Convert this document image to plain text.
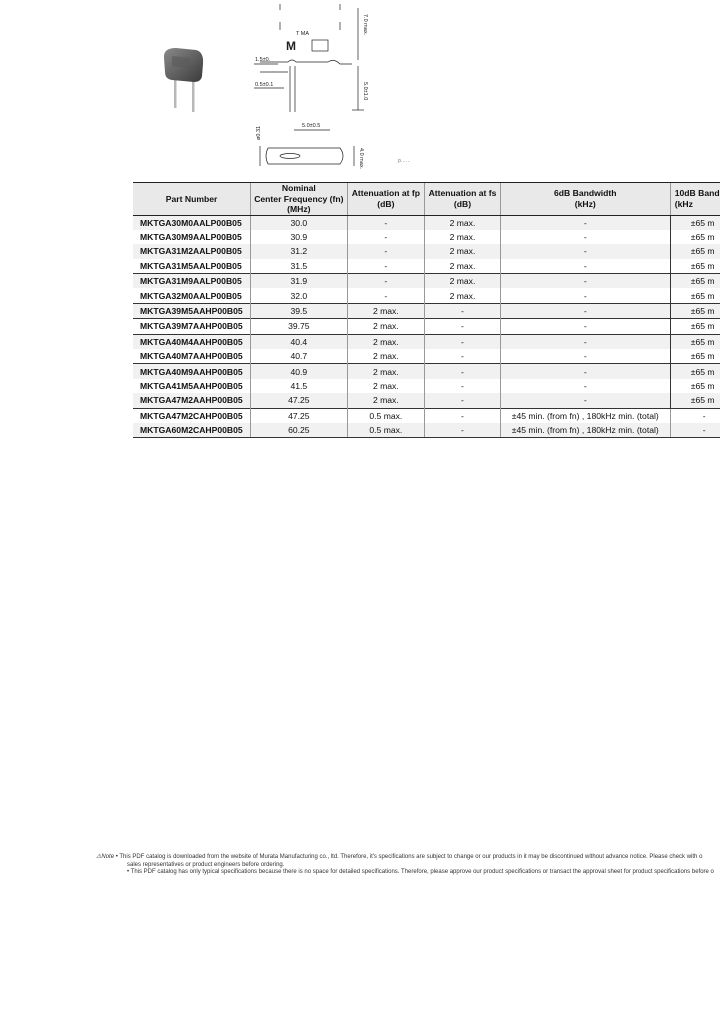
T MA
M
1.5±0.
0.5±0.1
5.0±0.5
7.0 max.
5.0±1.0
ø0.31
4.0 max.	p……
Part Number	Nominal
Center Frequency (fn)
(MHz)	Attenuation at fp
(dB)	Attenuation at fs
(dB)	6dB Bandwidth
(kHz)	10dB Band
(kHz
MKTGA30M0AALP00B05	30.0	-	2 max.	-	±65 m
MKTGA30M9AALP00B05	30.9	-	2 max.	-	±65 m
MKTGA31M2AALP00B05	31.2	-	2 max.	-	±65 m
MKTGA31M5AALP00B05	31.5	-	2 max.	-	±65 m
MKTGA31M9AALP00B05	31.9	-	2 max.	-	±65 m
MKTGA32M0AALP00B05	32.0	-	2 max.	-	±65 m
MKTGA39M5AAHP00B05	39.5	2 max.	-	-	±65 m
MKTGA39M7AAHP00B05	39.75	2 max.	-	-	±65 m
MKTGA40M4AAHP00B05	40.4	2 max.	-	-	±65 m
MKTGA40M7AAHP00B05	40.7	2 max.	-	-	±65 m
MKTGA40M9AAHP00B05	40.9	2 max.	-	-	±65 m
MKTGA41M5AAHP00B05	41.5	2 max.	-	-	±65 m
MKTGA47M2AAHP00B05	47.25	2 max.	-	-	±65 m
MKTGA47M2CAHP00B05	47.25	0.5 max.	-	±45 min. (from fn) , 180kHz min. (total)	-
MKTGA60M2CAHP00B05	60.25	0.5 max.	-	±45 min. (from fn) , 180kHz min. (total)	-
⚠Note • This PDF catalog is downloaded from the website of Murata Manufacturing co., ltd. Therefore, it's specifications are subject to change or our products in it may be discontinued without advance notice. Please check with o
sales representatives or product engineers before ordering.
• This PDF catalog has only typical specifications because there is no space for detailed specifications. Therefore, please approve our product specifications or transact the approval sheet for product specifications before o
